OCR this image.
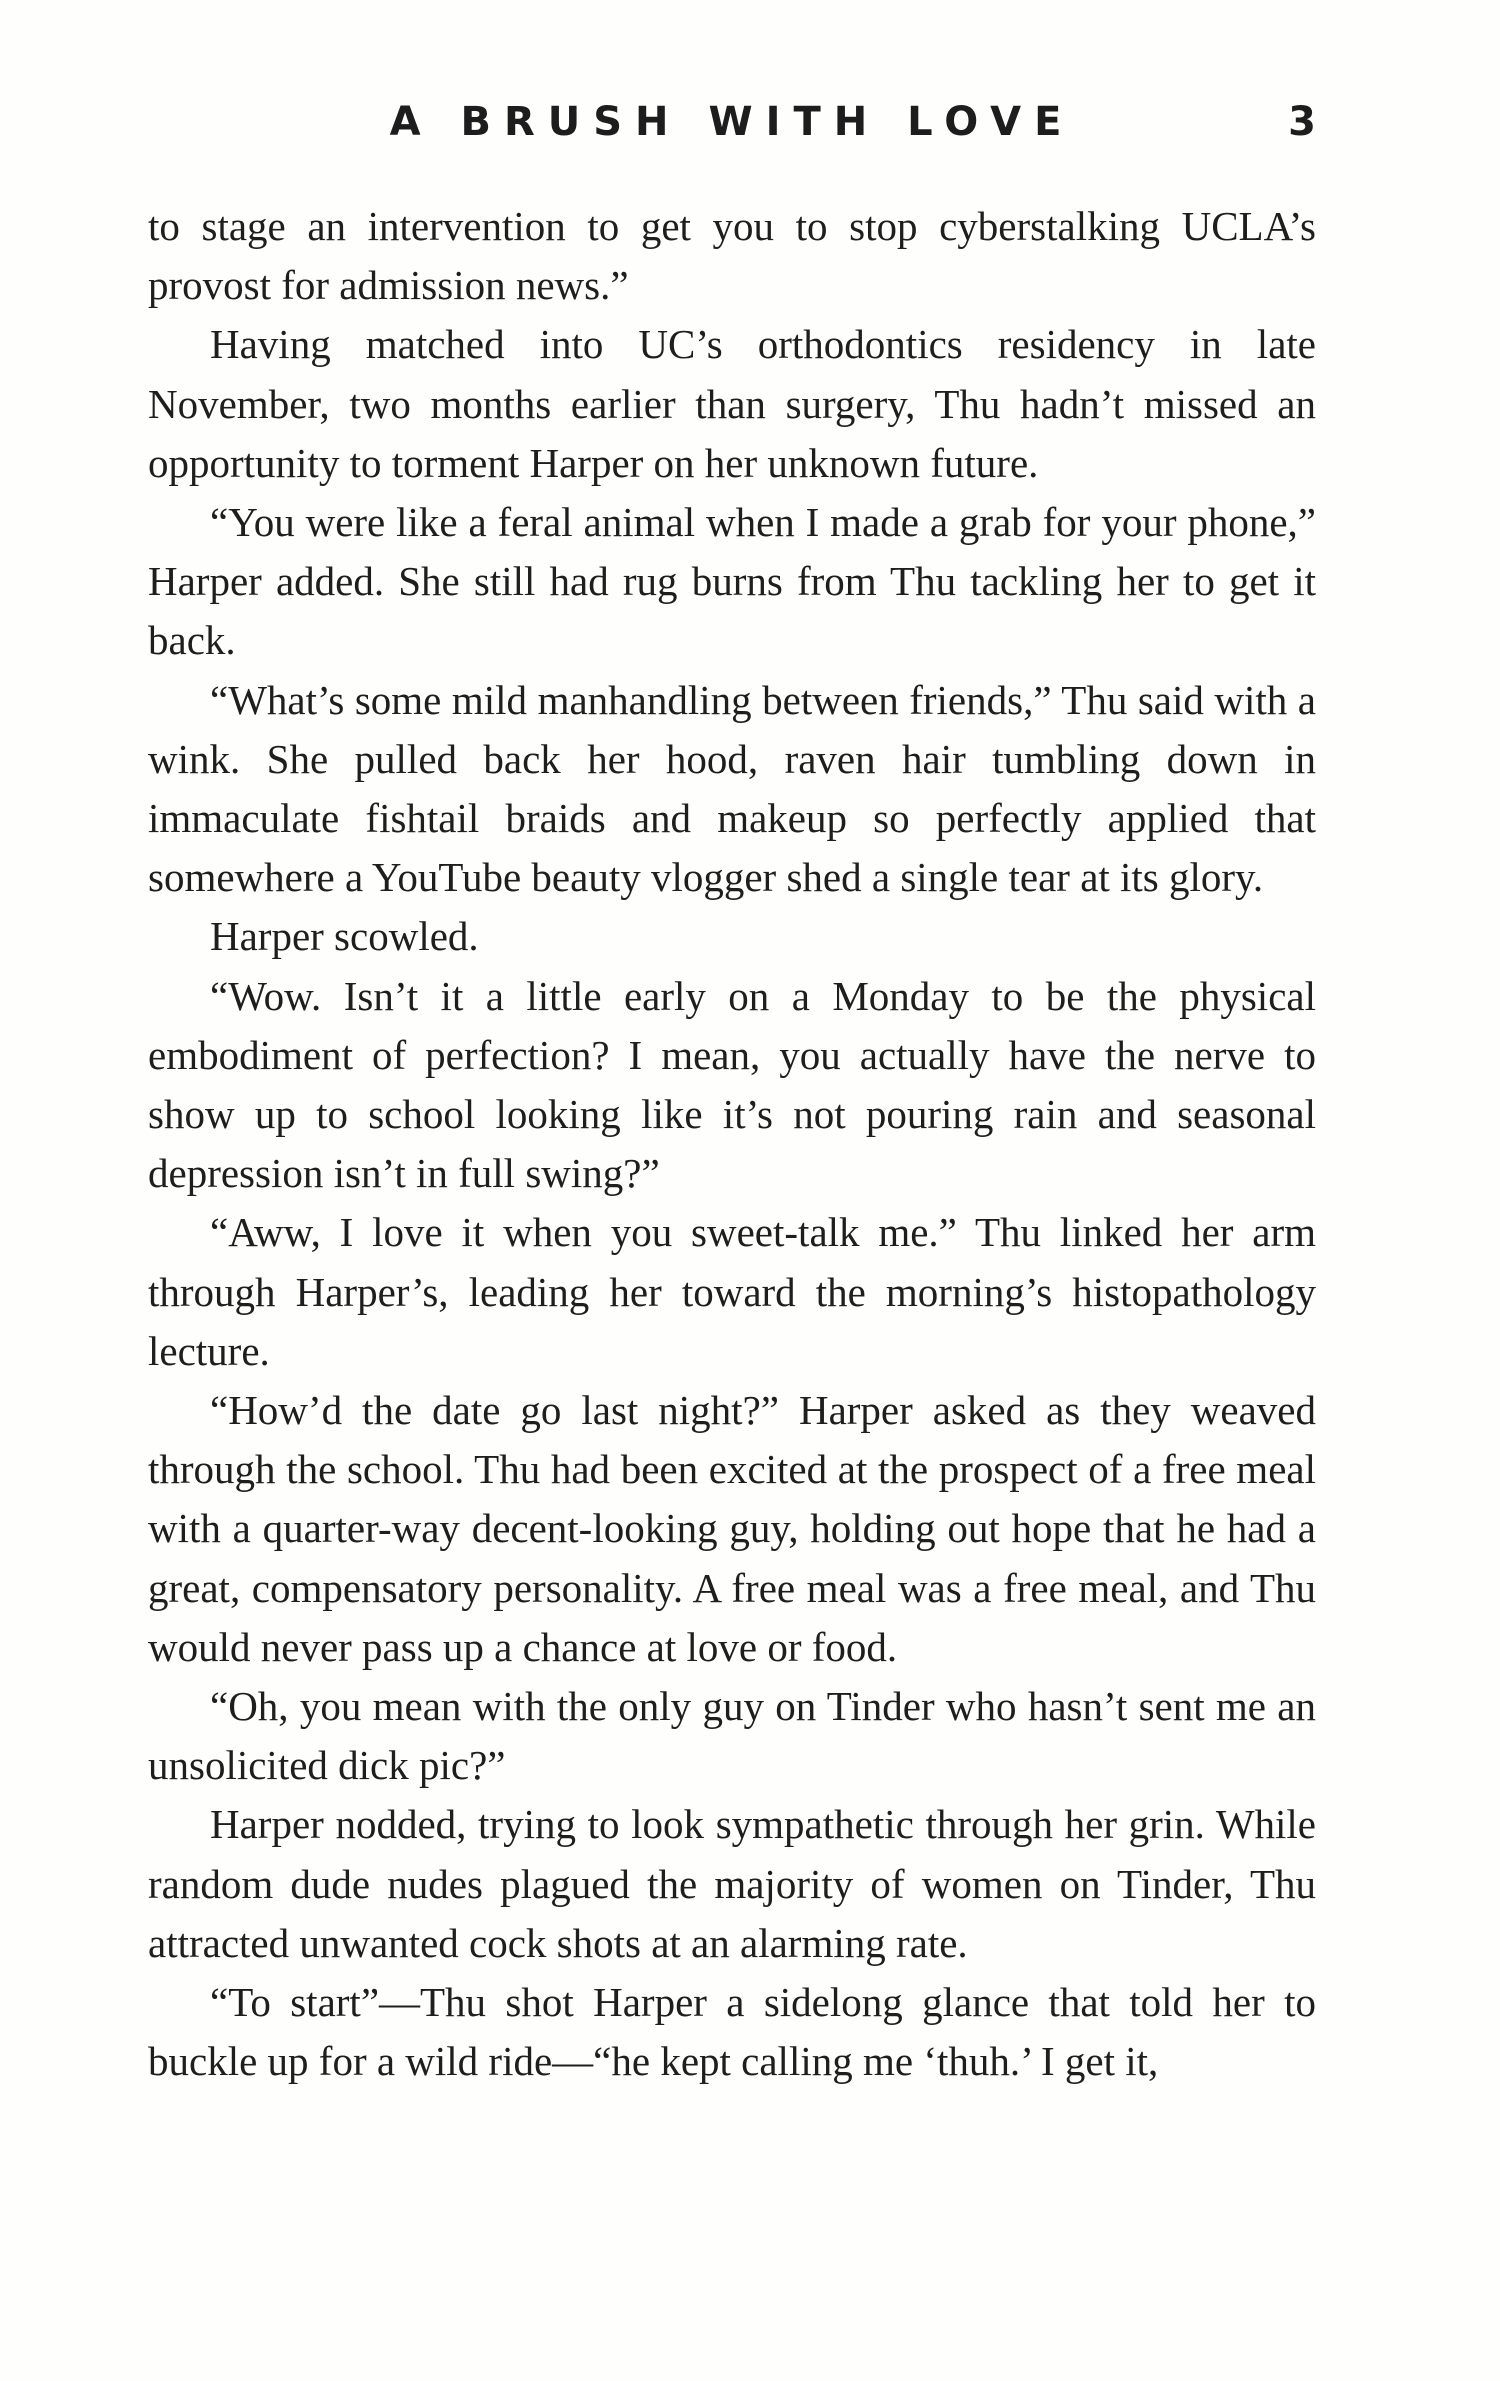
A BRUSH WITH LOVE	3

to stage an intervention to get you to stop cyberstalking UCLA’s provost for admission news.”

Having matched into UC’s orthodontics residency in late November, two months earlier than surgery, Thu hadn’t missed an opportunity to torment Harper on her unknown future.

“You were like a feral animal when I made a grab for your phone,” Harper added. She still had rug burns from Thu tackling her to get it back.

“What’s some mild manhandling between friends,” Thu said with a wink. She pulled back her hood, raven hair tumbling down in immaculate fishtail braids and makeup so perfectly applied that somewhere a YouTube beauty vlogger shed a single tear at its glory.

Harper scowled.

“Wow. Isn’t it a little early on a Monday to be the physical embodiment of perfection? I mean, you actually have the nerve to show up to school looking like it’s not pouring rain and seasonal depression isn’t in full swing?”

“Aww, I love it when you sweet-talk me.” Thu linked her arm through Harper’s, leading her toward the morning’s histopathology lecture.

“How’d the date go last night?” Harper asked as they weaved through the school. Thu had been excited at the prospect of a free meal with a quarter-way decent-looking guy, holding out hope that he had a great, compensatory personality. A free meal was a free meal, and Thu would never pass up a chance at love or food.

“Oh, you mean with the only guy on Tinder who hasn’t sent me an unsolicited dick pic?”

Harper nodded, trying to look sympathetic through her grin. While random dude nudes plagued the majority of women on Tinder, Thu attracted unwanted cock shots at an alarming rate.

“To start”—Thu shot Harper a sidelong glance that told her to buckle up for a wild ride—“he kept calling me ‘thuh.’ I get it,
